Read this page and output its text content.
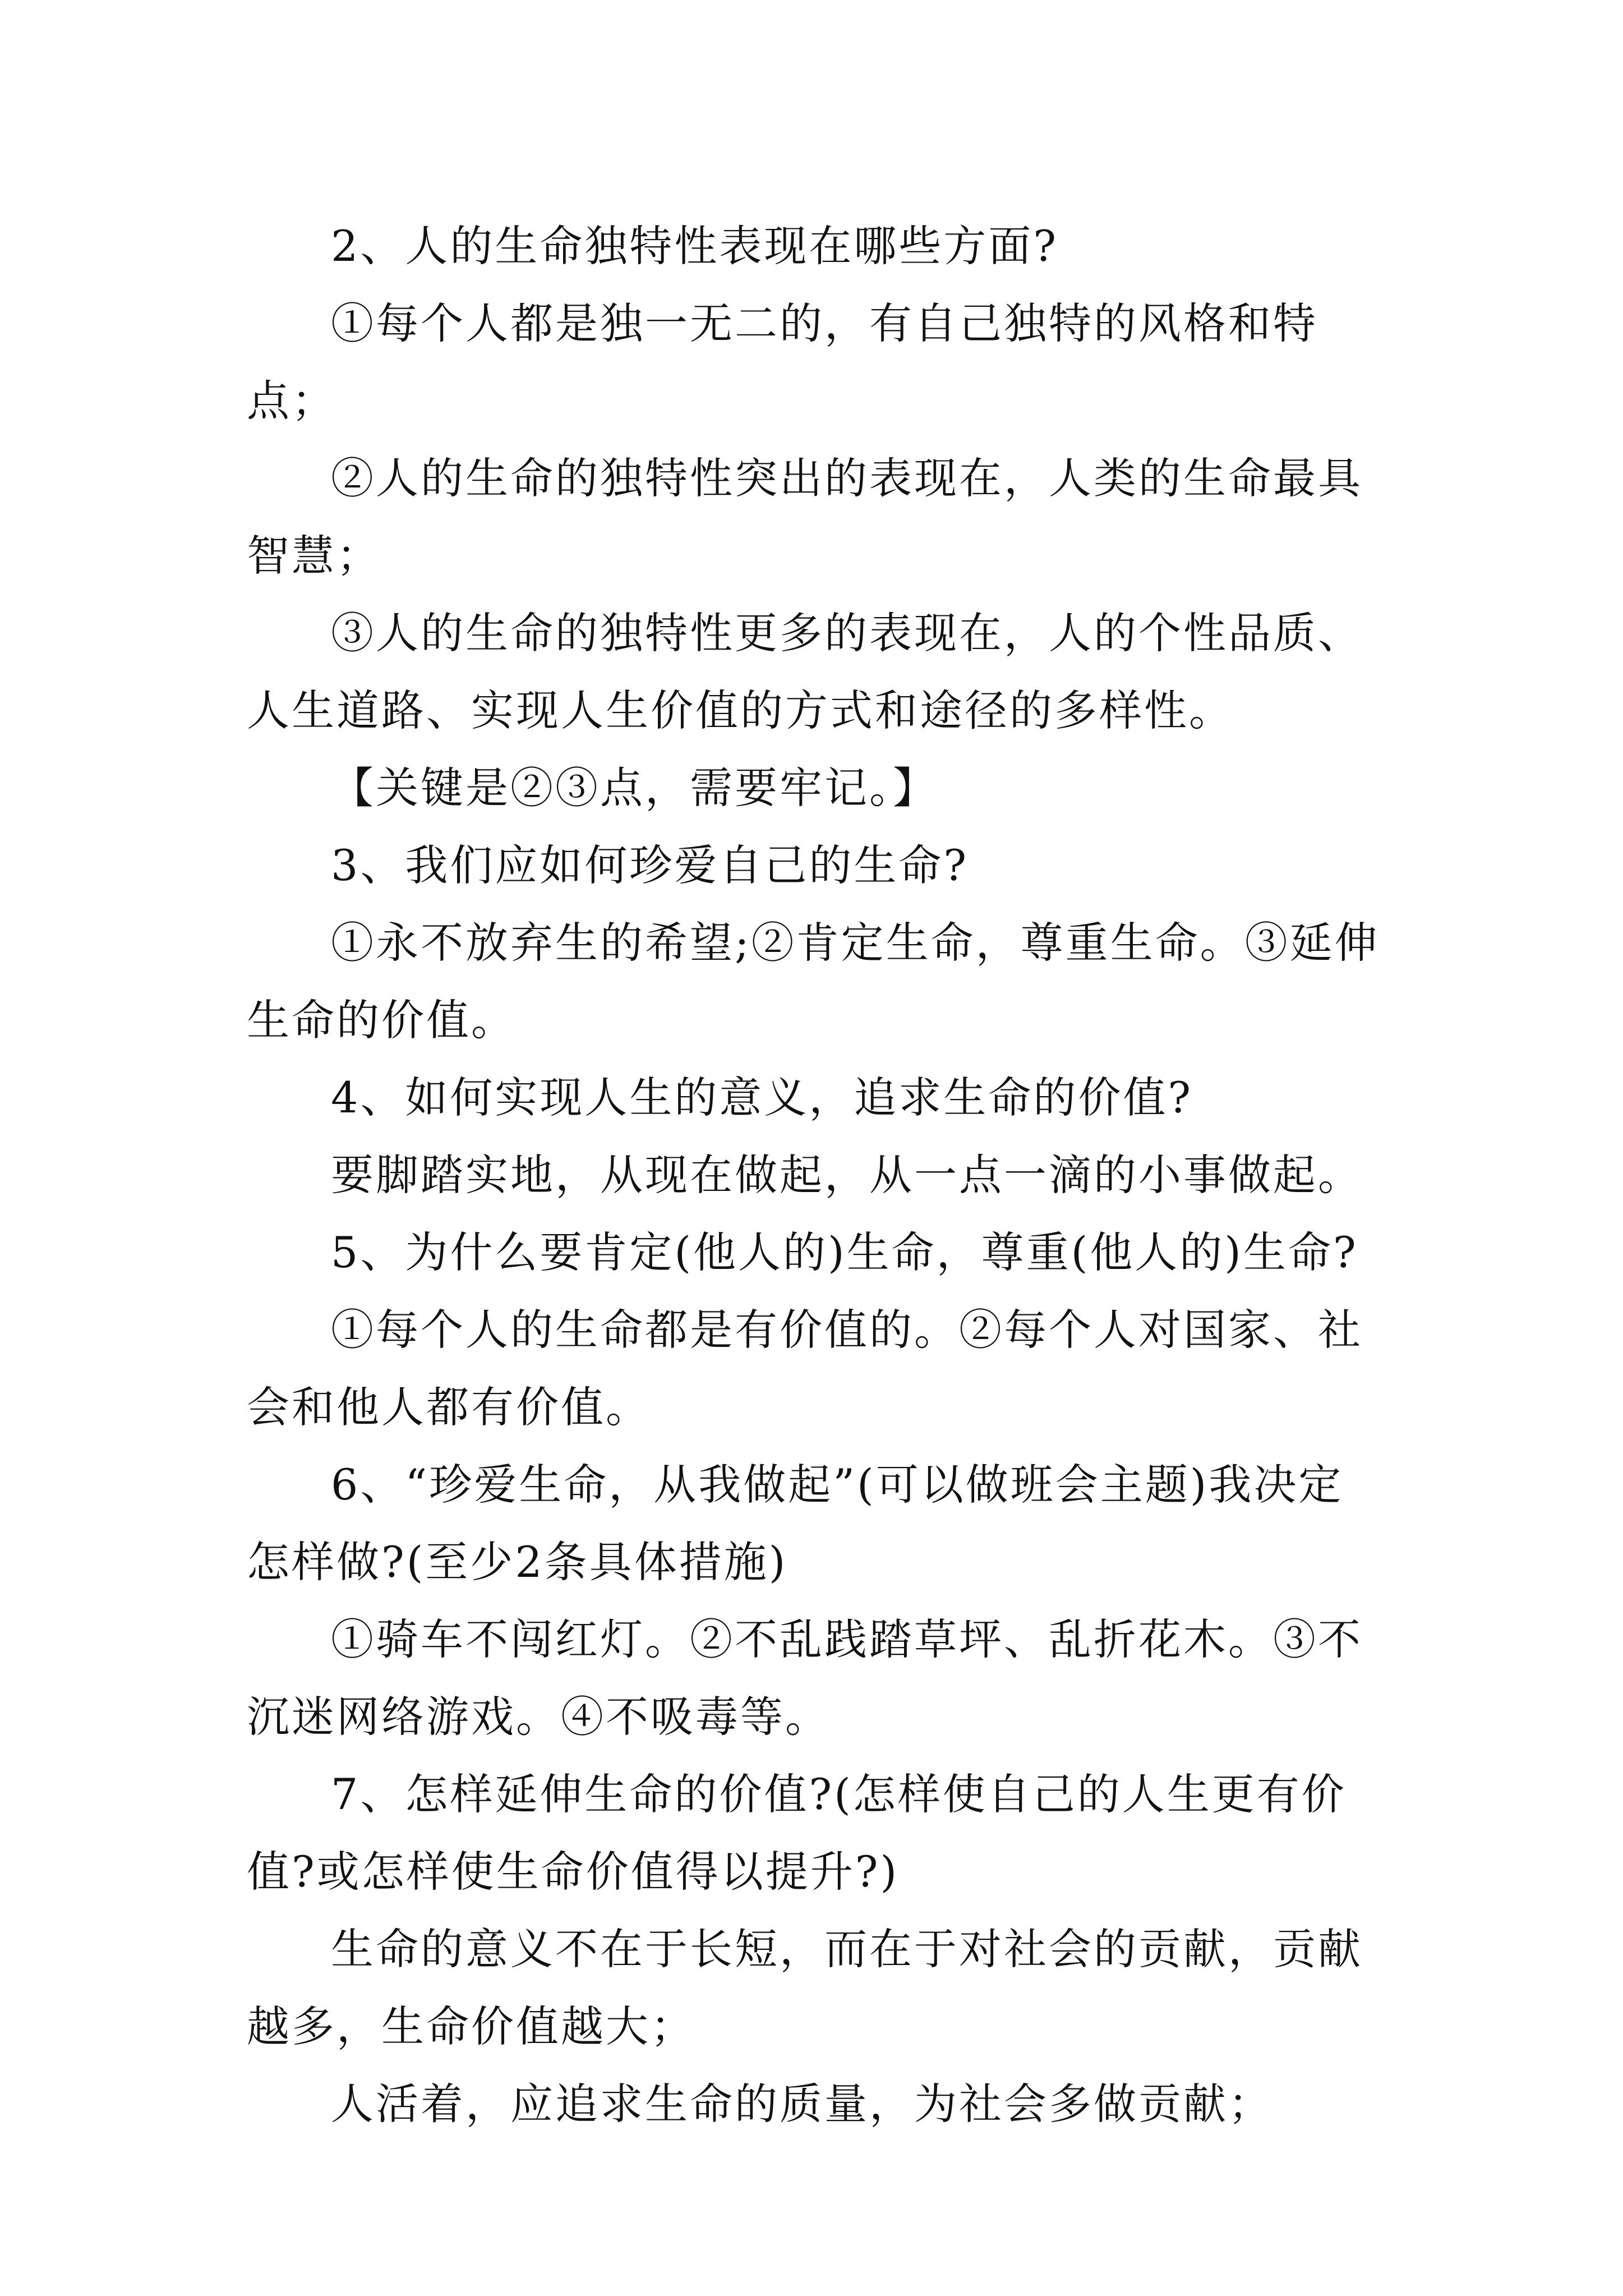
2、人的生命独特性表现在哪些方面?

①每个人都是独一无二的，有自己独特的风格和特点；

②人的生命的独特性突出的表现在，人类的生命最具智慧；

③人的生命的独特性更多的表现在，人的个性品质、人生道路、实现人生价值的方式和途径的多样性。

【关键是②③点，需要牢记。】

3、我们应如何珍爱自己的生命?

①永不放弃生的希望;②肯定生命，尊重生命。③延伸生命的价值。

4、如何实现人生的意义，追求生命的价值?

要脚踏实地，从现在做起，从一点一滴的小事做起。

5、为什么要肯定(他人的)生命，尊重(他人的)生命?

①每个人的生命都是有价值的。②每个人对国家、社会和他人都有价值。

6、“珍爱生命，从我做起”(可以做班会主题)我决定怎样做?(至少2条具体措施)

①骑车不闯红灯。②不乱践踏草坪、乱折花木。③不沉迷网络游戏。④不吸毒等。

7、怎样延伸生命的价值?(怎样使自己的人生更有价值?或怎样使生命价值得以提升?)

生命的意义不在于长短，而在于对社会的贡献，贡献越多，生命价值越大；

人活着，应追求生命的质量，为社会多做贡献；
